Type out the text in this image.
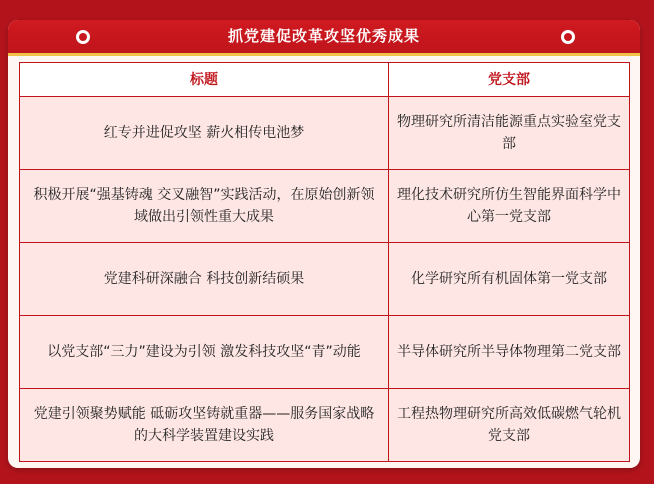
抓党建促改革攻坚优秀成果
标题	党支部
红专并进促攻坚 薪火相传电池梦	物理研究所清洁能源重点实验室党支部
积极开展“强基铸魂 交叉融智”实践活动，在原始创新领域做出引领性重大成果	理化技术研究所仿生智能界面科学中心第一党支部
党建科研深融合 科技创新结硕果	化学研究所有机固体第一党支部
以党支部“三力”建设为引领 激发科技攻坚“青”动能	半导体研究所半导体物理第二党支部
党建引领聚势赋能 砥砺攻坚铸就重器——服务国家战略的大科学装置建设实践	工程热物理研究所高效低碳燃气轮机党支部
